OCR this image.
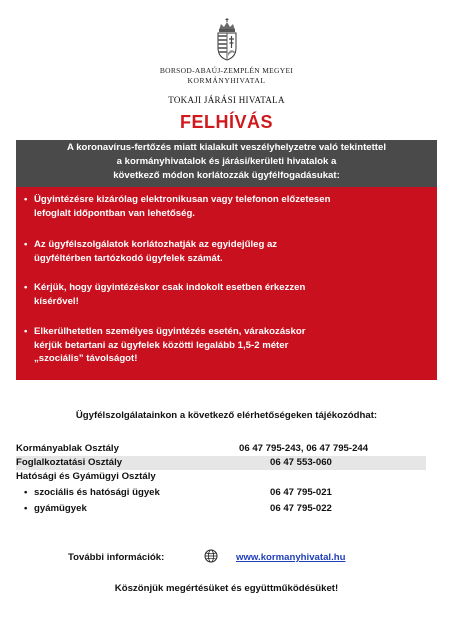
BORSOD-ABAÚJ-ZEMPLÉN MEGYEI
KORMÁNYHIVATAL
TOKAJI JÁRÁSI HIVATALA
FELHÍVÁS
A koronavírus-fertőzés miatt kialakult veszélyhelyzetre való tekintettel
a kormányhivatalok és járási/kerületi hivatalok a
következő módon korlátozzák ügyfélfogadásukat:
• Ügyintézésre kizárólag elektronikusan vagy telefonon előzetesen
lefoglalt időpontban van lehetőség.
• Az ügyfélszolgálatok korlátozhatják az egyidejűleg az
ügyféltérben tartózkodó ügyfelek számát.
• Kérjük, hogy ügyintézéskor csak indokolt esetben érkezzen
kísérővel!
• Elkerülhetetlen személyes ügyintézés esetén, várakozáskor
kérjük betartani az ügyfelek közötti legalább 1,5-2 méter
„szociális” távolságot!
Ügyfélszolgálatainkon a következő elérhetőségeken tájékozódhat:
Kormányablak Osztály	06 47 795-243, 06 47 795-244
Foglalkoztatási Osztály	06 47 553-060
Hatósági és Gyámügyi Osztály
• szociális és hatósági ügyek	06 47 795-021
• gyámügyek	06 47 795-022
További információk:	www.kormanyhivatal.hu
Köszönjük megértésüket és együttműködésüket!
